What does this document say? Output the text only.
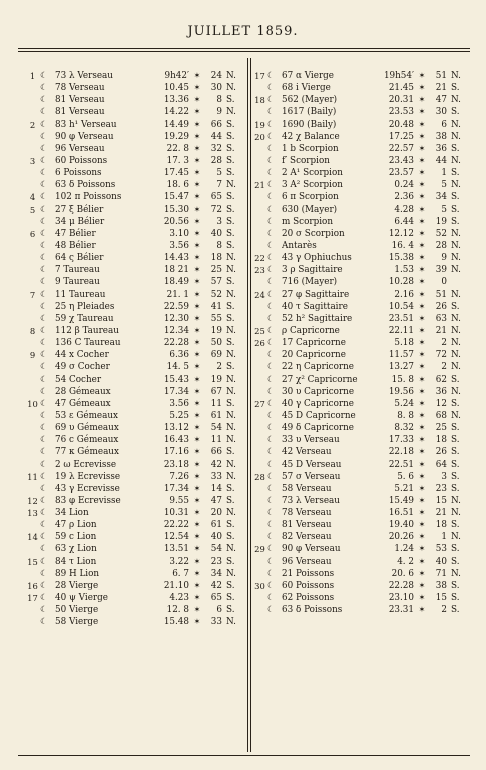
JUILLET 1859.
1 ☾ 73 λ Verseau	9h42′ ✶	24 N.
☾ 78 Verseau	10.45 ✶	30 N.
☾ 81 Verseau	13.36 ✶	8 S.
☾ 81 Verseau	14.22 ✶	9 N.
2 ☾ 83 h¹ Verseau	14.49 ✶	66 S.
☾ 90 φ Verseau	19.29 ✶	44 S.
☾ 96 Verseau	22. 8 ✶	32 S.
3 ☾ 60 Poissons	17. 3 ✶	28 S.
☾ 6 Poissons	17.45 ✶	5 S.
☾ 63 δ Poissons	18. 6 ✶	7 N.
4 ☾ 102 π Poissons	15.47 ✶	65 S.
5 ☾ 27 ξ Bélier	15.30 ✶	72 S.
☾ 34 μ Bélier	20.56 ✶	3 S.
6 ☾ 47 Bélier	3.10 ✶	40 S.
☾ 48 Bélier	3.56 ✶	8 S.
☾ 64 ς Bélier	14.43 ✶	18 N.
☾ 7 Taureau	18 21 ✶	25 N.
☾ 9 Taureau	18.49 ✶	57 S.
7 ☾ 11 Taureau	21. 1 ✶	52 N.
☾ 25 η Pleiades	22.59 ✶	41 S.
☾ 59 χ Taureau	12.30 ✶	55 S.
8 ☾ 112 β Taureau	12.34 ✶	19 N.
☾ 136 C Taureau	22.28 ✶	50 S.
9 ☾ 44 x Cocher	6.36 ✶	69 N.
☾ 49 σ Cocher	14. 5 ✶	2 S.
☾ 54 Cocher	15.43 ✶	19 N.
☾ 28 Gémeaux	17.34 ✶	67 N.
10 ☾ 47 Gémeaux	3.56 ✶	11 S.
☾ 53 ε Gémeaux	5.25 ✶	61 N.
☾ 69 υ Gémeaux	13.12 ✶	54 N.
☾ 76 c Gémeaux	16.43 ✶	11 N.
☾ 77 κ Gémeaux	17.16 ✶	66 S.
☾ 2 ω Ecrevisse	23.18 ✶	42 N.
11 ☾ 19 λ Ecrevisse	7.26 ✶	33 N.
☾ 43 γ Ecrevisse	17.34 ✶	14 S.
12 ☾ 83 φ Ecrevisse	9.55 ✶	47 S.
13 ☾ 34 Lion	10.31 ✶	20 N.
☾ 47 ρ Lion	22.22 ✶	61 S.
14 ☾ 59 c Lion	12.54 ✶	40 S.
☾ 63 χ Lion	13.51 ✶	54 N.
15 ☾ 84 τ Lion	3.22 ✶	23 S.
☾ 89 H Lion	6. 7 ✶	34 N.
16 ☾ 28 Vierge	21.10 ✶	42 S.
17 ☾ 40 ψ Vierge	4.23 ✶	65 S.
☾ 50 Vierge	12. 8 ✶	6 S.
☾ 58 Vierge	15.48 ✶	33 N.
17 ☾ 67 α Vierge	19h54′ ✶	51 N.
☾ 68 i Vierge	21.45 ✶	21 S.
18 ☾ 562 (Mayer)	20.31 ✶	47 N.
☾ 1617 (Baily)	23.53 ✶	30 S.
19 ☾ 1690 (Baily)	20.48 ✶	6 N.
20 ☾ 42 χ Balance	17.25 ✶	38 N.
☾ 1 b Scorpion	22.57 ✶	36 S.
☾ f′ Scorpion	23.43 ✶	44 N.
☾ 2 A¹ Scorpion	23.57 ✶	1 S.
21 ☾ 3 A² Scorpion	0.24 ✶	5 N.
☾ 6 π Scorpion	2.36 ✶	34 S.
☾ 630 (Mayer)	4.28 ✶	5 S.
☾ m Scorpion	6.44 ✶	19 S.
☾ 20 σ Scorpion	12.12 ✶	52 N.
☾ Antarès	16. 4 ✶	28 N.
22 ☾ 43 γ Ophiuchus	15.38 ✶	9 N.
23 ☾ 3 ρ Sagittaire	1.53 ✶	39 N.
☾ 716 (Mayer)	10.28 ✶	0
24 ☾ 27 φ Sagittaire	2.16 ✶	51 N.
☾ 40 τ Sagittaire	10.54 ✶	26 S.
☾ 52 h² Sagittaire	23.51 ✶	63 N.
25 ☾ ρ Capricorne	22.11 ✶	21 N.
26 ☾ 17 Capricorne	5.18 ✶	2 N.
☾ 20 Capricorne	11.57 ✶	72 N.
☾ 22 η Capricorne	13.27 ✶	2 N.
☾ 27 χ² Capricorne	15. 8 ✶	62 S.
☾ 30 υ Capricorne	19.56 ✶	36 N.
27 ☾ 40 γ Capricorne	5.24 ✶	12 S.
☾ 45 D Capricorne	8. 8 ✶	68 N.
☾ 49 δ Capricorne	8.32 ✶	25 S.
☾ 33 υ Verseau	17.33 ✶	18 S.
☾ 42 Verseau	22.18 ✶	26 S.
☾ 45 D Verseau	22.51 ✶	64 S.
28 ☾ 57 σ Verseau	5. 6 ✶	3 S.
☾ 58 Verseau	5.21 ✶	23 S.
☾ 73 λ Verseau	15.49 ✶	15 N.
☾ 78 Verseau	16.51 ✶	21 N.
☾ 81 Verseau	19.40 ✶	18 S.
☾ 82 Verseau	20.26 ✶	1 N.
29 ☾ 90 φ Verseau	1.24 ✶	53 S.
☾ 96 Verseau	4. 2 ✶	40 S.
☾ 21 Poissons	20. 6 ✶	71 N.
30 ☾ 60 Poissons	22.28 ✶	38 S.
☾ 62 Poissons	23.10 ✶	15 S.
☾ 63 δ Poissons	23.31 ✶	2 S.
